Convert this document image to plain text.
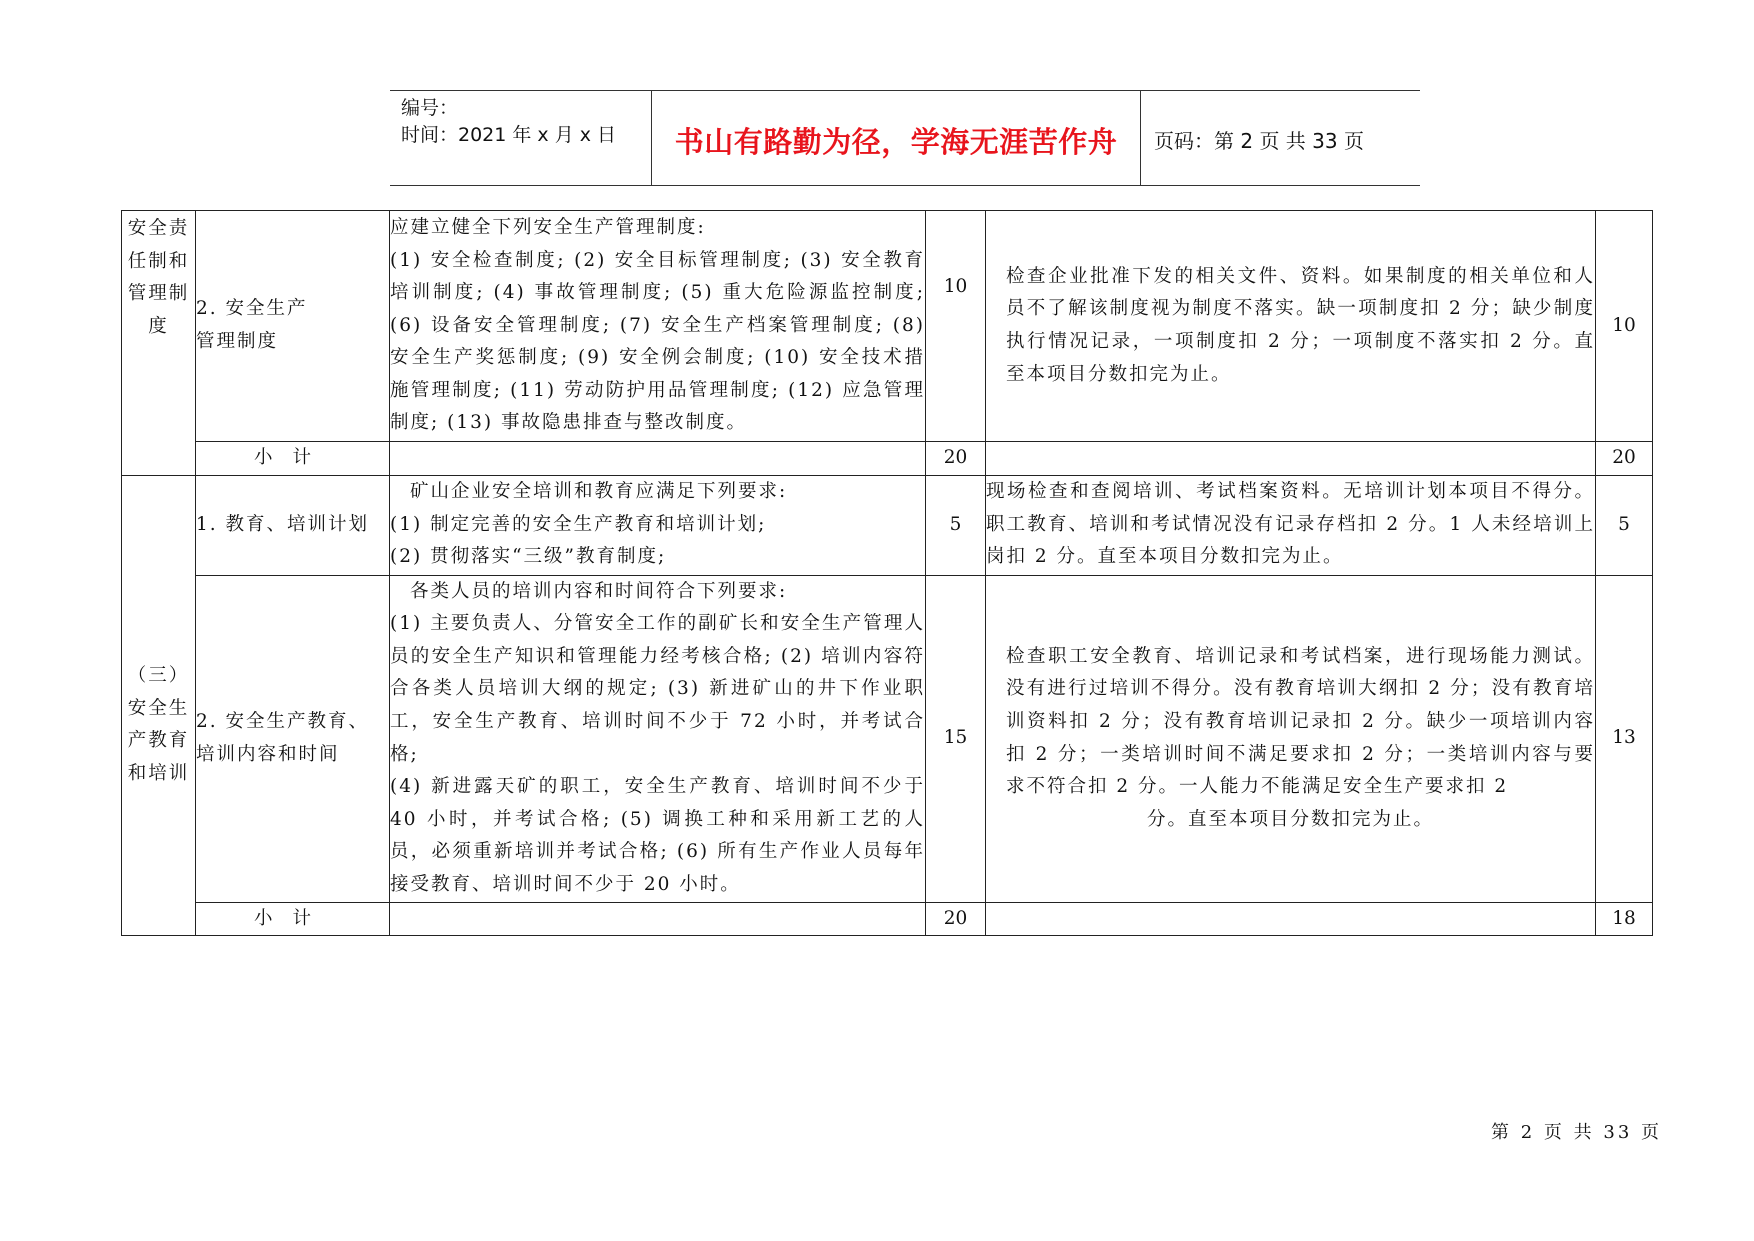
编号：
时间：2021 年 x 月 x 日	书山有路勤为径，学海无涯苦作舟	页码：第 2 页 共 33 页
安全责任制和管理制度	2. 安全生产
管理制度	应建立健全下列安全生产管理制度:
(1) 安全检查制度; (2) 安全目标管理制度; (3) 安全教育培训制度; (4) 事故管理制度; (5) 重大危险源监控制度; (6) 设备安全管理制度; (7) 安全生产档案管理制度; (8) 安全生产奖惩制度; (9) 安全例会制度; (10) 安全技术措施管理制度; (11) 劳动防护用品管理制度; (12) 应急管理制度; (13) 事故隐患排查与整改制度。	10	检查企业批准下发的相关文件、资料。如果制度的相关单位和人员不了解该制度视为制度不落实。缺一项制度扣 2 分；缺少制度执行情况记录，一项制度扣 2 分；一项制度不落实扣 2 分。直至本项目分数扣完为止。	10
	小计		20		20
（三）安全生产教育和培训	1. 教育、培训计划	矿山企业安全培训和教育应满足下列要求:
(1) 制定完善的安全生产教育和培训计划;
(2) 贯彻落实“三级”教育制度;	5	现场检查和查阅培训、考试档案资料。无培训计划本项目不得分。职工教育、培训和考试情况没有记录存档扣 2 分。1 人未经培训上岗扣 2 分。直至本项目分数扣完为止。	5
	2. 安全生产教育、培训内容和时间	各类人员的培训内容和时间符合下列要求:
(1) 主要负责人、分管安全工作的副矿长和安全生产管理人员的安全生产知识和管理能力经考核合格; (2) 培训内容符合各类人员培训大纲的规定; (3) 新进矿山的井下作业职工，安全生产教育、培训时间不少于 72 小时，并考试合格;
(4) 新进露天矿的职工，安全生产教育、培训时间不少于 40 小时，并考试合格; (5) 调换工种和采用新工艺的人员，必须重新培训并考试合格; (6) 所有生产作业人员每年接受教育、培训时间不少于 20 小时。	15	检查职工安全教育、培训记录和考试档案，进行现场能力测试。没有进行过培训不得分。没有教育培训大纲扣 2 分；没有教育培训资料扣 2 分；没有教育培训记录扣 2 分。缺少一项培训内容扣 2 分；一类培训时间不满足要求扣 2 分；一类培训内容与要求不符合扣 2 分。一人能力不能满足安全生产要求扣 2
分。直至本项目分数扣完为止。	13
	小计		20		18
第 2 页 共 33 页
